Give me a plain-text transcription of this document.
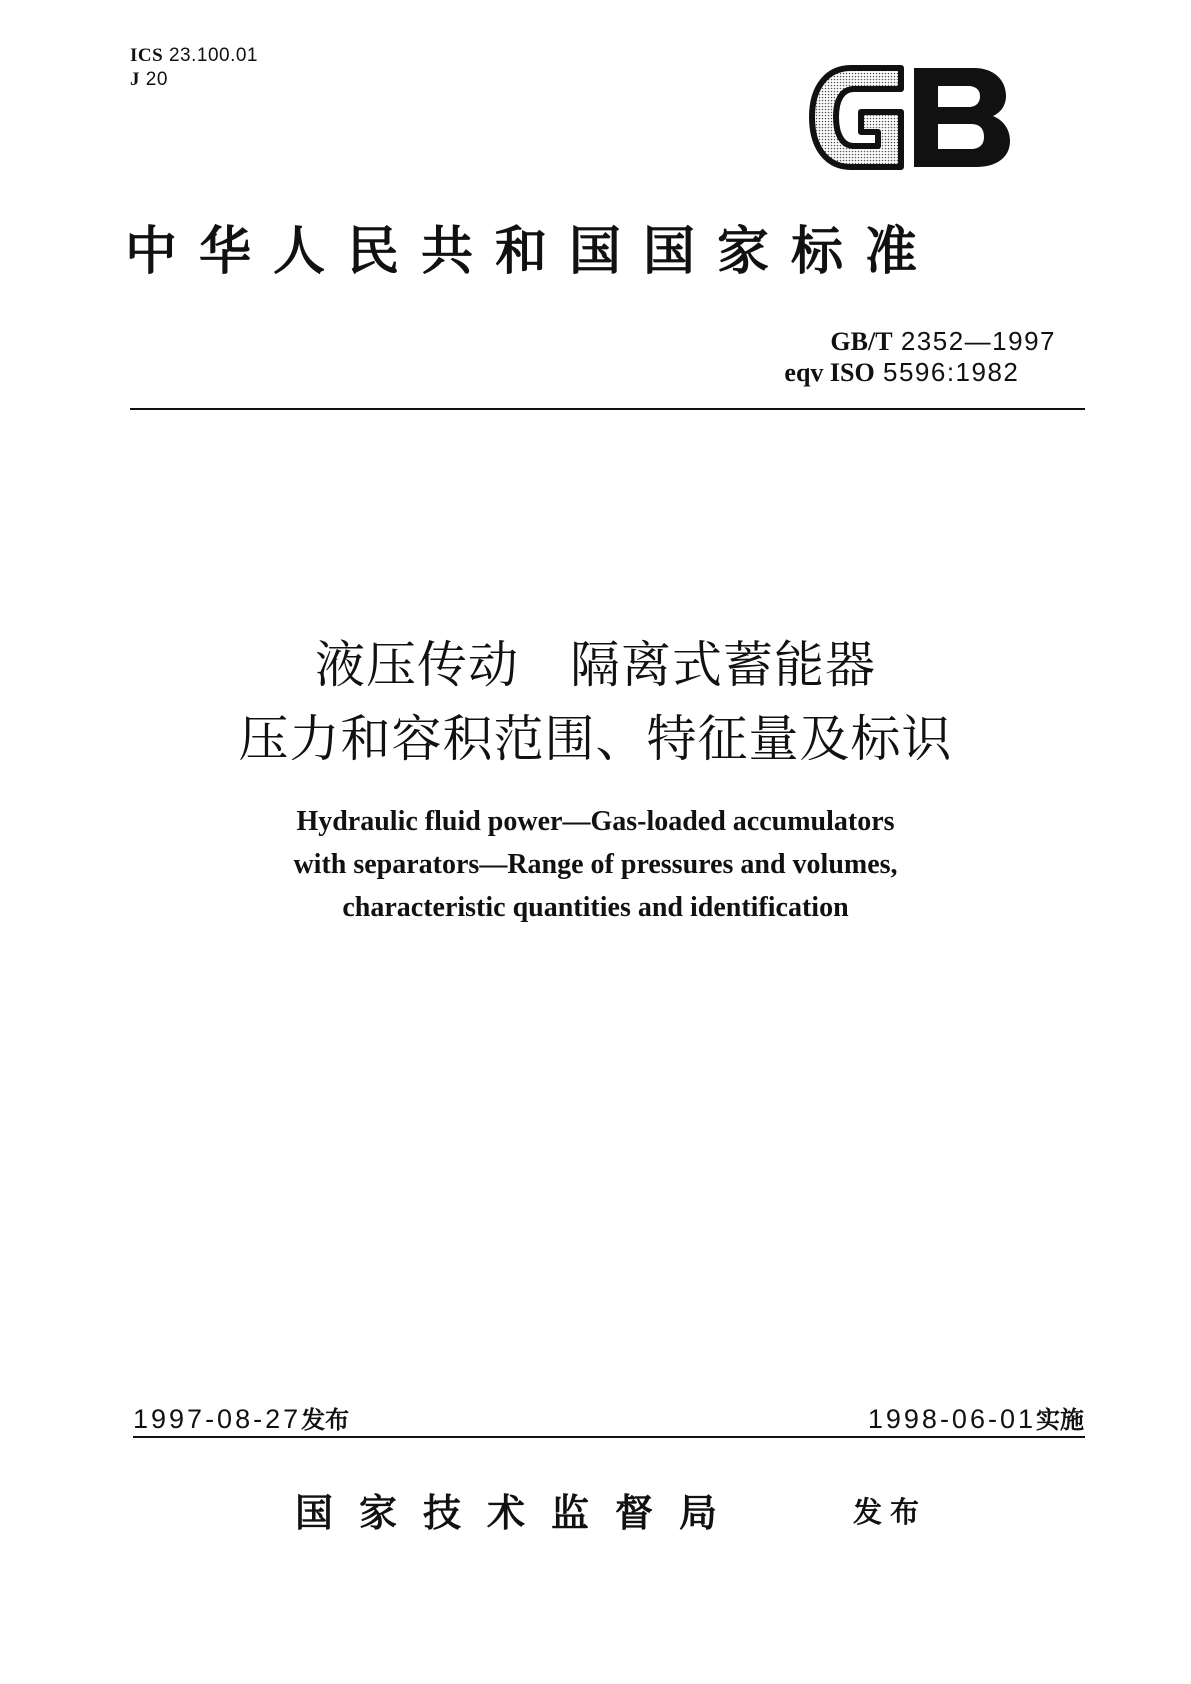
ICS 23.100.01
J 20
中华人民共和国国家标准
GB/T 2352—1997
eqv ISO 5596:1982
液压传动　隔离式蓄能器
压力和容积范围、特征量及标识
Hydraulic fluid power—Gas-loaded accumulators
with separators—Range of pressures and volumes,
characteristic quantities and identification
1997-08-27发布	1998-06-01实施
国家技术监督局	发布
